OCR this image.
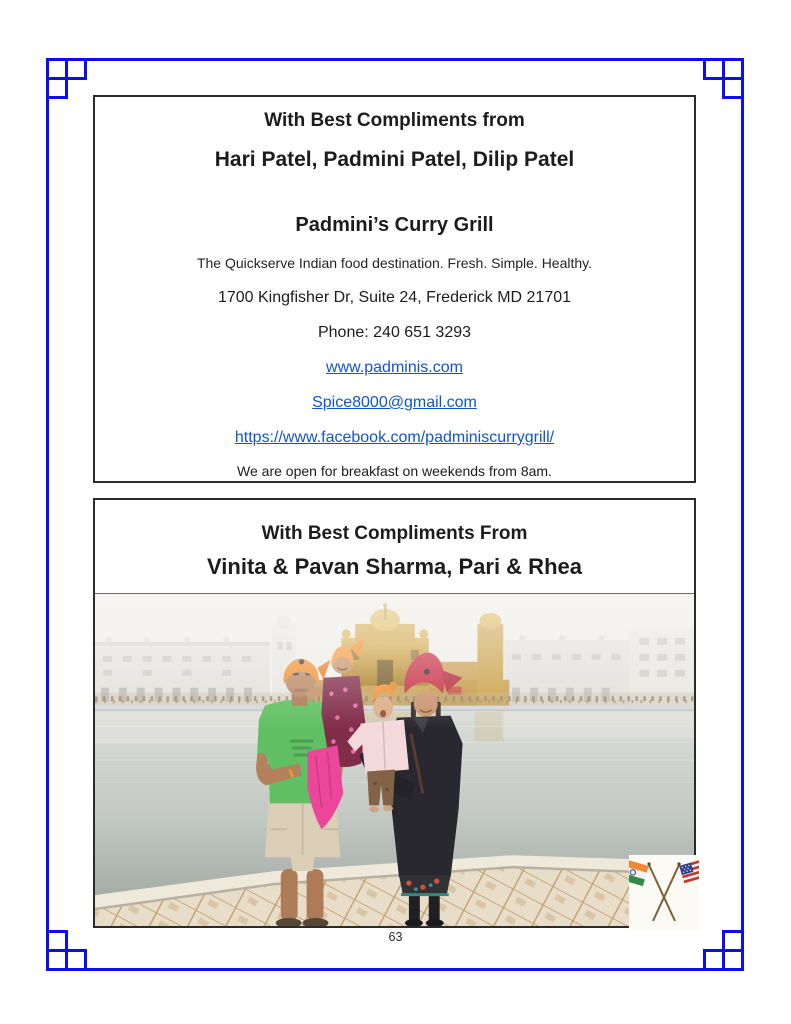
With Best Compliments from
Hari Patel, Padmini Patel, Dilip Patel
Padmini’s Curry Grill
The Quickserve Indian food destination. Fresh. Simple. Healthy.
1700 Kingfisher Dr, Suite 24, Frederick MD 21701
Phone: 240 651 3293
www.padminis.com
Spice8000@gmail.com
https://www.facebook.com/padminiscurrygrill/
We are open for breakfast on weekends from 8am.
With Best Compliments From
Vinita & Pavan Sharma, Pari & Rhea
63
